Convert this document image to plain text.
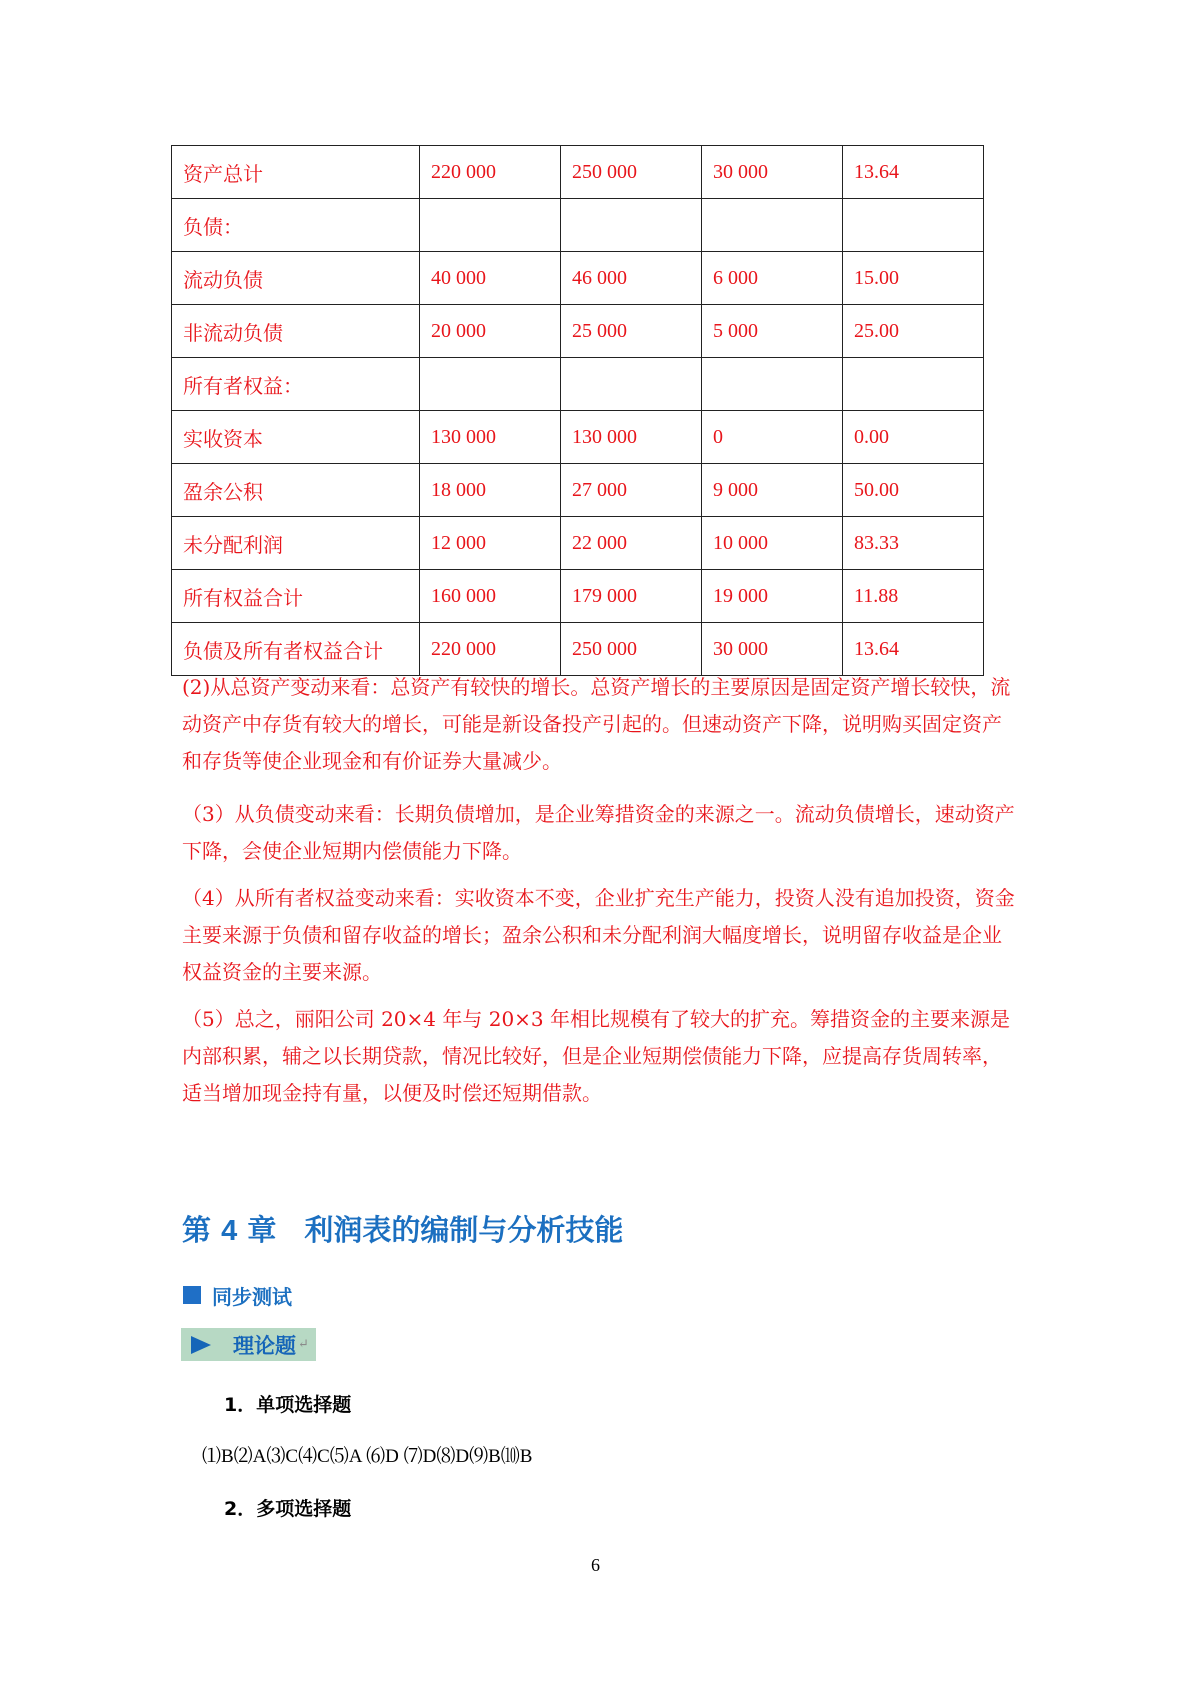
资产总计	220 000	250 000	30 000	13.64
负债：				
流动负债	40 000	46 000	6 000	15.00
非流动负债	20 000	25 000	5 000	25.00
所有者权益：				
实收资本	130 000	130 000	0	0.00
盈余公积	18 000	27 000	9 000	50.00
未分配利润	12 000	22 000	10 000	83.33
所有权益合计	160 000	179 000	19 000	11.88
负债及所有者权益合计	220 000	250 000	30 000	13.64

(2)从总资产变动来看：总资产有较快的增长。总资产增长的主要原因是固定资产增长较快，流动资产中存货有较大的增长，可能是新设备投产引起的。但速动资产下降，说明购买固定资产和存货等使企业现金和有价证券大量减少。

（3）从负债变动来看：长期负债增加，是企业筹措资金的来源之一。流动负债增长，速动资产下降，会使企业短期内偿债能力下降。

（4）从所有者权益变动来看：实收资本不变，企业扩充生产能力，投资人没有追加投资，资金主要来源于负债和留存收益的增长；盈余公积和未分配利润大幅度增长，说明留存收益是企业权益资金的主要来源。

（5）总之，丽阳公司 20×4 年与 20×3 年相比规模有了较大的扩充。筹措资金的主要来源是内部积累，辅之以长期贷款，情况比较好，但是企业短期偿债能力下降，应提高存货周转率，适当增加现金持有量，以便及时偿还短期借款。

第 4 章 利润表的编制与分析技能
同步测试
理论题 ↵
1．单项选择题
⑴B⑵A⑶C⑷C⑸A ⑹D ⑺D⑻D⑼B⑽B
2．多项选择题
6
